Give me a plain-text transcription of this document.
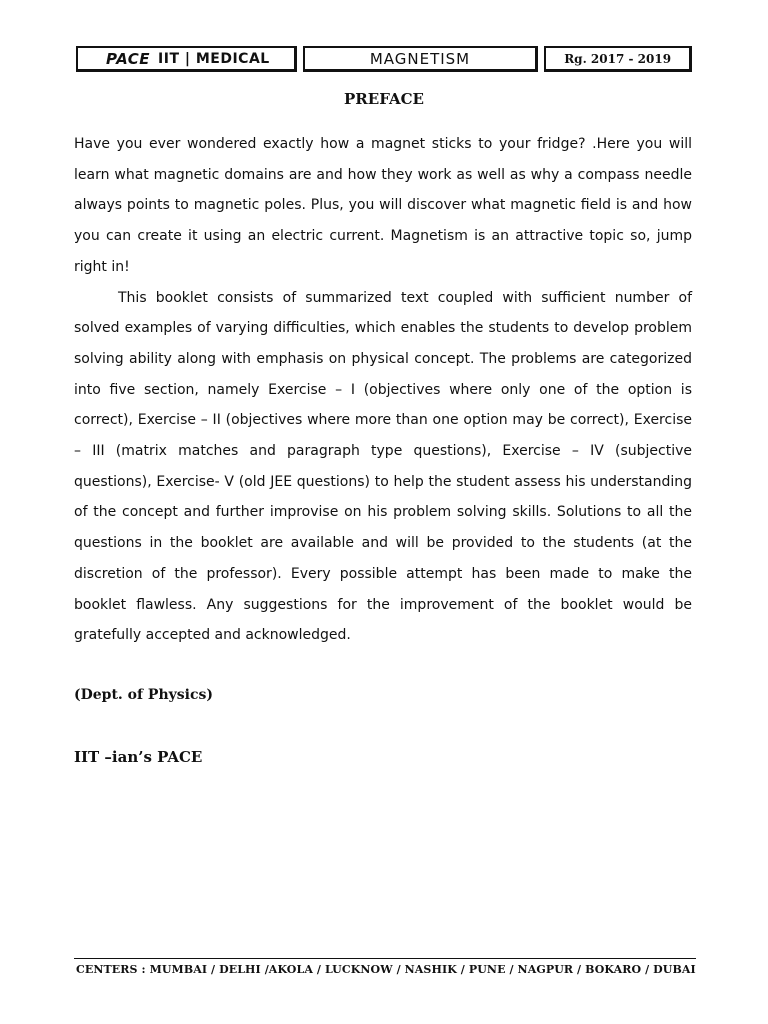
PACE IIT | MEDICAL	MAGNETISM	Rg. 2017 - 2019
PREFACE

Have you ever wondered exactly how a magnet sticks to your fridge? .Here you will learn what magnetic domains are and how they work as well as why a compass needle always points to magnetic poles. Plus, you will discover what magnetic field is and how you can create it using an electric current. Magnetism is an attractive topic so, jump right in!

This booklet consists of summarized text coupled with sufficient number of solved examples of varying difficulties, which enables the students to develop problem solving ability along with emphasis on physical concept. The problems are categorized into five section, namely Exercise – I (objectives where only one of the option is correct), Exercise – II (objectives where more than one option may be correct), Exercise – III (matrix matches and paragraph type questions), Exercise – IV (subjective questions), Exercise- V (old JEE questions) to help the student assess his understanding of the concept and further improvise on his problem solving skills. Solutions to all the questions in the booklet are available and will be provided to the students (at the discretion of the professor). Every possible attempt has been made to make the booklet flawless. Any suggestions for the improvement of the booklet would be gratefully accepted and acknowledged.

(Dept. of Physics)
IIT –ian’s PACE
CENTERS : MUMBAI / DELHI /AKOLA / LUCKNOW / NASHIK / PUNE / NAGPUR / BOKARO / DUBAI
